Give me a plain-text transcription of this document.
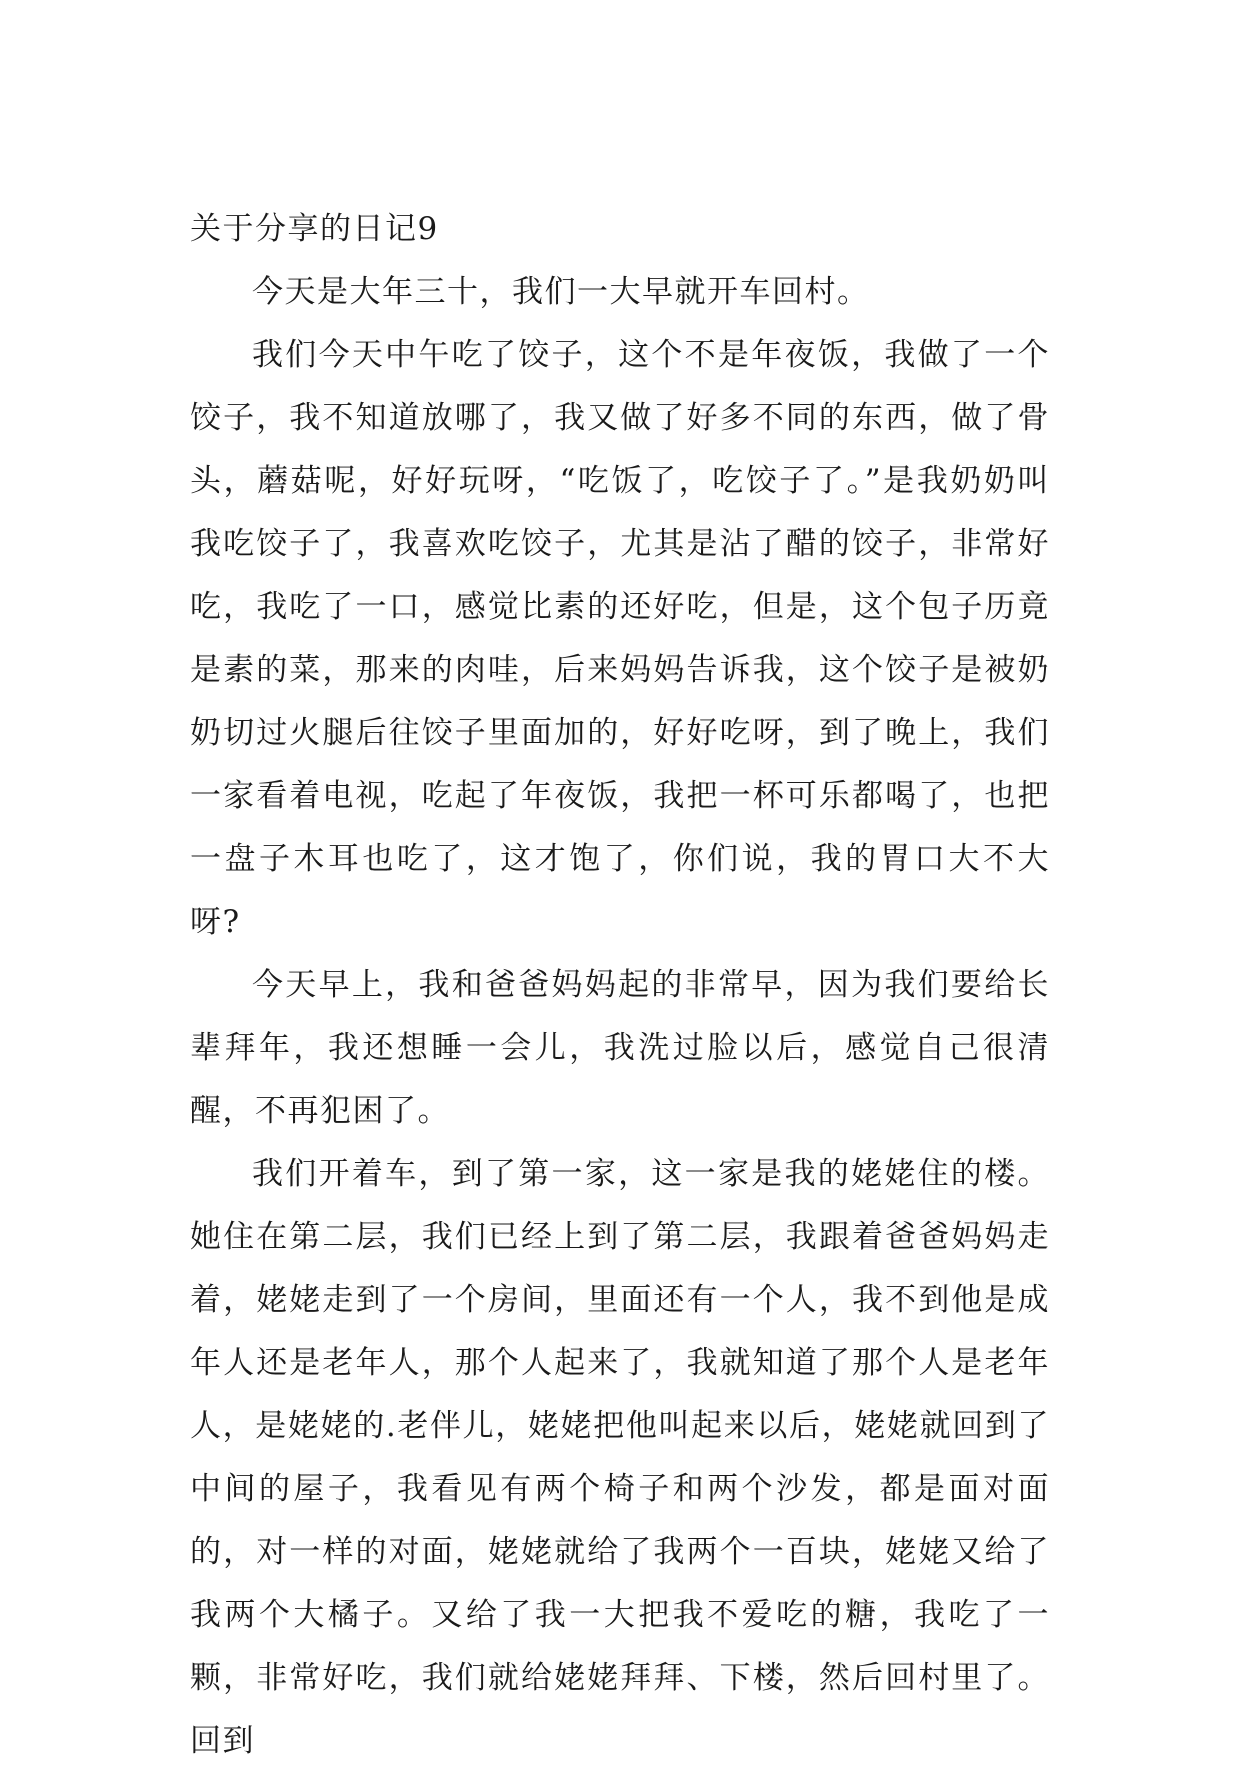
关于分享的日记9

今天是大年三十，我们一大早就开车回村。

我们今天中午吃了饺子，这个不是年夜饭，我做了一个饺子，我不知道放哪了，我又做了好多不同的东西，做了骨头，蘑菇呢，好好玩呀，“吃饭了，吃饺子了。”是我奶奶叫我吃饺子了，我喜欢吃饺子，尤其是沾了醋的饺子，非常好吃，我吃了一口，感觉比素的还好吃，但是，这个包子历竟是素的菜，那来的肉哇，后来妈妈告诉我，这个饺子是被奶奶切过火腿后往饺子里面加的，好好吃呀，到了晚上，我们一家看着电视，吃起了年夜饭，我把一杯可乐都喝了，也把一盘子木耳也吃了，这才饱了，你们说，我的胃口大不大呀?

今天早上，我和爸爸妈妈起的非常早，因为我们要给长辈拜年，我还想睡一会儿，我洗过脸以后，感觉自己很清醒，不再犯困了。

我们开着车，到了第一家，这一家是我的姥姥住的楼。她住在第二层，我们已经上到了第二层，我跟着爸爸妈妈走着，姥姥走到了一个房间，里面还有一个人，我不到他是成年人还是老年人，那个人起来了，我就知道了那个人是老年人，是姥姥的.老伴儿，姥姥把他叫起来以后，姥姥就回到了中间的屋子，我看见有两个椅子和两个沙发，都是面对面的，对一样的对面，姥姥就给了我两个一百块，姥姥又给了我两个大橘子。又给了我一大把我不爱吃的糖，我吃了一颗，非常好吃，我们就给姥姥拜拜、下楼，然后回村里了。回到
